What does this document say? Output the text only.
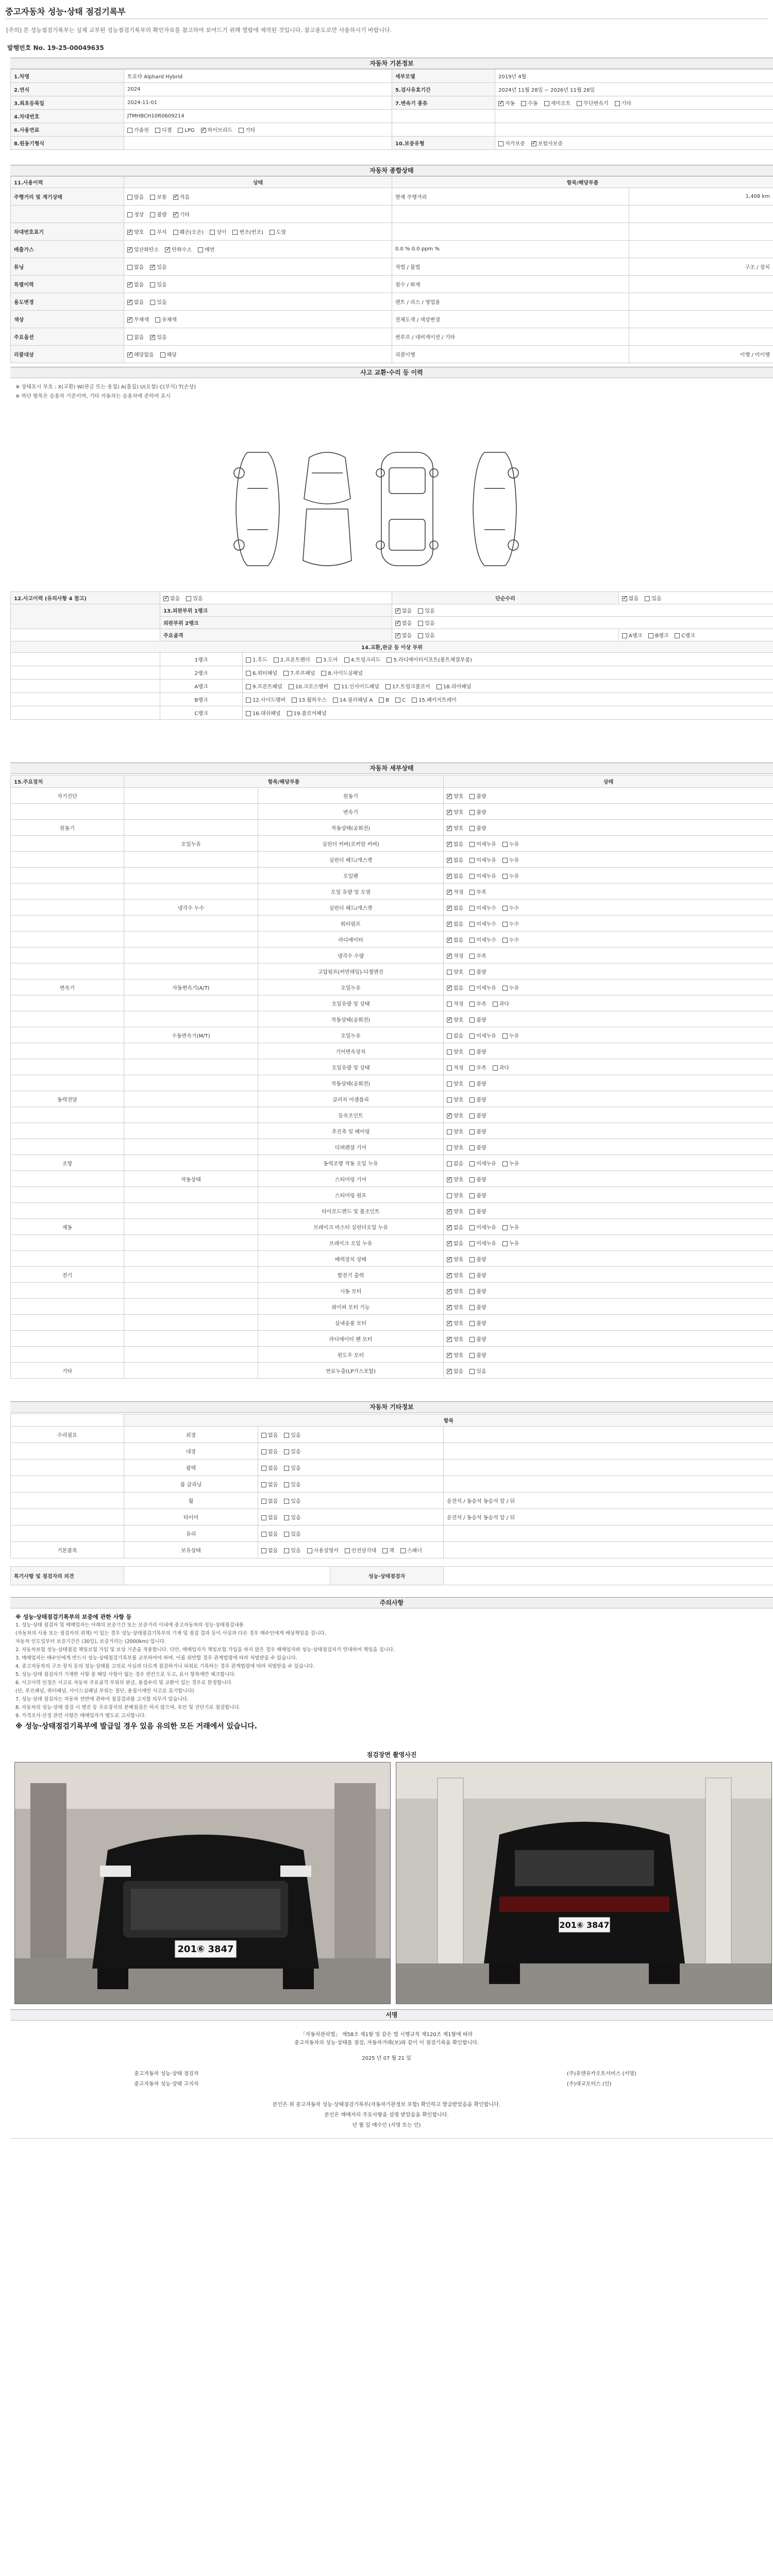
중고자동차 성능·상태 점검기록부
[주의] 본 성능점검기록부는 실제 교부된 성능점검기록부의 확인자료를 참고하여 보여드기 위해 열람에 제작된 것입니다. 참고용도로만 사용하시기 바랍니다.
발행번호 No. 19-25-00049635
자동차 기본정보
1.차명	토요타 Alphard Hybrid	세부모델	2019년 4월
2.연식	2024	5.검사유효기간	2024년 11월 28일 ~ 2026년 11월 28일
3.최초등록일	2024-11-01	7.변속기 종류	✓자동 수동 세미오토 무단변속기 기타
4.차대번호	JTMHBCH10R0609214		
6.사용연료	가솔린 디젤 LPG ✓ 하이브리드 기타		
8.원동기형식		10.보증유형	자가보증 ✓ 보험사보증
자동차 종합상태
11.사용이력	상태	항목/해당부품	
주행거리 및 계기상태	많음 보통 ✓ 적음	현재 주행거리	1,408 km
	정상 불량 ✓ 기타		
차대번호표기	✓양호 부식 훼손(오손) 상이 변조(번조) 도말		
배출가스	✓일산화탄소 ✓ 탄화수소 매연	0.0 % 0.0 ppm %	
튜닝	없음 ✓ 있음	적법 / 불법	구조 / 장치
특별이력	✓없음 있음	침수 / 화재	
용도변경	✓없음 있음	렌트 / 리스 / 영업용	
색상	✓무채색 유채색	전체도색 / 색상변경	
주요옵션	없음 ✓ 있음	썬루프 / 네비게이션 / 기타	
리콜대상	✓해당없음 해당	리콜이행	이행 / 미이행
사고 교환·수리 등 이력
※ 상태표시 부호 : X(교환) W(판금 또는 용접) A(흠집) U(요철) C(부식) T(손상)
※ 하단 항목은 승용차 기준이며, 기타 자동차는 승용차에 준하여 표시
12.사고이력 (유의사항 4 참고)	✓없음 있음		단순수리	✓없음 있음
	13.외판부위 1랭크	✓없음 있음
	외판부위 2랭크	✓없음 있음
	주요골격	✓없음 있음	A랭크 B랭크 C랭크
14.교환,판금 등 이상 부위				
	1랭크	1.후드 2.프론트펜더 3.도어 4.트렁크리드 5.라디에이터서포트(볼트체결부품)		
	2랭크	6.쿼터패널 7.루프패널 8.사이드실패널		
	A랭크	9.프론트패널 10.크로스멤버 11.인사이드패널 17.트렁크플로어 18.리어패널		
	B랭크	12.사이드멤버 13.휠하우스 14.필러패널 A B C 15.패키지트레이		
	C랭크	16.대쉬패널 19.플로어패널		
자동차 세부상태
15.주요장치	항목/해당부품		상태
자기진단		원동기	✓양호 불량
		변속기	✓양호 불량
원동기		작동상태(공회전)	✓양호 불량
	오일누유	실린더 커버(로커암 커버)	✓없음 미세누유 누유
		실린더 헤드/개스켓	✓없음 미세누유 누유
		오일팬	✓없음 미세누유 누유
		오일 유량 및 오염	✓적정 부족
	냉각수 누수	실린더 헤드/개스켓	✓없음 미세누수 누수
		워터펌프	✓없음 미세누수 누수
		라디에이터	✓없음 미세누수 누수
		냉각수 수량	✓적정 부족
		고압펌프(커먼레일)-디젤엔진	양호 불량
변속기	자동변속기(A/T)	오일누유	✓없음 미세누유 누유
		오일유량 및 상태	적정 부족 과다
		작동상태(공회전)	✓양호 불량
	수동변속기(M/T)	오일누유	없음 미세누유 누유
		기어변속장치	양호 불량
		오일유량 및 상태	적정 부족 과다
		작동상태(공회전)	양호 불량
동력전달		클러치 어셈블리	양호 불량
		등속조인트	✓양호 불량
		추진축 및 베어링	양호 불량
		디퍼렌셜 기어	양호 불량
조향		동력조향 작동 오일 누유	없음 미세누유 누유
	작동상태	스티어링 기어	✓양호 불량
		스티어링 펌프	양호 불량
		타이로드엔드 및 볼조인트	✓양호 불량
제동		브레이크 마스터 실린더오일 누유	✓없음 미세누유 누유
		브레이크 오일 누유	✓없음 미세누유 누유
		배력장치 상태	✓양호 불량
전기		발전기 출력	✓양호 불량
		시동 모터	✓양호 불량
		와이퍼 모터 기능	✓양호 불량
		실내송풍 모터	✓양호 불량
		라디에이터 팬 모터	✓양호 불량
		윈도우 모터	✓양호 불량
기타		연료누출(LP가스포함)	✓없음 있음
자동차 기타정보
	항목		
수리필요	외장	없음 있음	
	내장	없음 있음	
	광택	없음 있음	
	룸 클리닝	없음 있음	
	휠	없음 있음	운전석 / 동승석 동승석 앞 / 뒤
	타이어	없음 있음	운전석 / 동승석 동승석 앞 / 뒤
	유리	없음 있음	
기본품목	보유상태	없음 있음 사용설명서 안전삼각대 잭 스패너	
특기사항 및 점검자의 의견		성능·상태점검자	
주의사항

※ 성능·상태점검기록부의 보증에 관한 사항 등

1. 성능·상태 점검자 및 매매업자는 아래의 보증기간 또는 보증거리 이내에 중고자동차의 성능·상태점검내용

(자동차의 사용 또는 점검자의 귀책) 이 있는 경우 성능·상태점검기록부의 기재 및 점검 결과 등이 사실과 다른 경우 매수인에게 배상책임을 집니다.

자동차 인도일부터 보증기간은 (30일), 보증거리는 (2000km) 입니다.

2. 자동차보험 성능·상태점검 책임보험 가입 및 보상 기준을 적용합니다. 다만, 매매업자가 책임보험 가입을 하지 않은 경우 매매업자와 성능·상태점검자가 연대하여 책임을 집니다.

3. 매매업자는 매수인에게 반드시 성능·상태점검기록부를 교부하여야 하며, 이를 위반할 경우 관계법령에 따라 처벌받을 수 있습니다.

4. 중고자동차의 구조·장치 등의 성능·상태를 고의로 사실과 다르게 점검하거나 허위로 기록하는 경우 관계법령에 따라 처벌받을 수 있습니다.

5. 성능·상태 점검자가 기재한 사항 중 해당 사항이 없는 경우 빈칸으로 두고, 표시 항목에만 체크합니다.

6. 사고이력 인정은 사고로 자동차 주요골격 부위의 판금, 용접수리 및 교환이 있는 경우로 한정합니다.

(단, 루프패널, 쿼터패널, 사이드실패널 부위는 절단, 용접시에만 사고로 표기합니다)

7. 성능·상태 점검자는 자동차 전반에 관하여 점검결과를 고지할 의무가 있습니다.

8. 자동차의 성능·상태 점검 시 엔진 등 주요장치의 분해점검은 하지 않으며, 육안 및 진단기로 점검합니다.

9. 가격조사·산정 관련 사항은 매매업자가 별도로 고지합니다.

※ 성능·상태점검기록부에 발급일 경우 있음 유의한 모든 거래에서 있습니다.
점검장면 촬영사진
201⑥ 3847
201⑥ 3847
서명
「자동차관리법」 제58조 제1항 및 같은 법 시행규칙 제120조 제1항에 따라
중고자동차의 성능·상태를 점검, 자동차거래(보)와 같이 이 점검기록을 확인합니다.
2025 년 07 월 21 일
중고자동차 성능·상태 점검자	(주)유앤유카오토서비스 (서명)
중고자동차 성능·상태 고지자	(주)대교모터스 (인)
본인은 위 중고자동차 성능·상태점검기록부(자동차기관정보 포함) 확인하고 발급받았음을 확인합니다.
본인은 매매자의 주요사항을 설명 받았음을 확인합니다.
년 월 일 매수인 (서명 또는 인)
